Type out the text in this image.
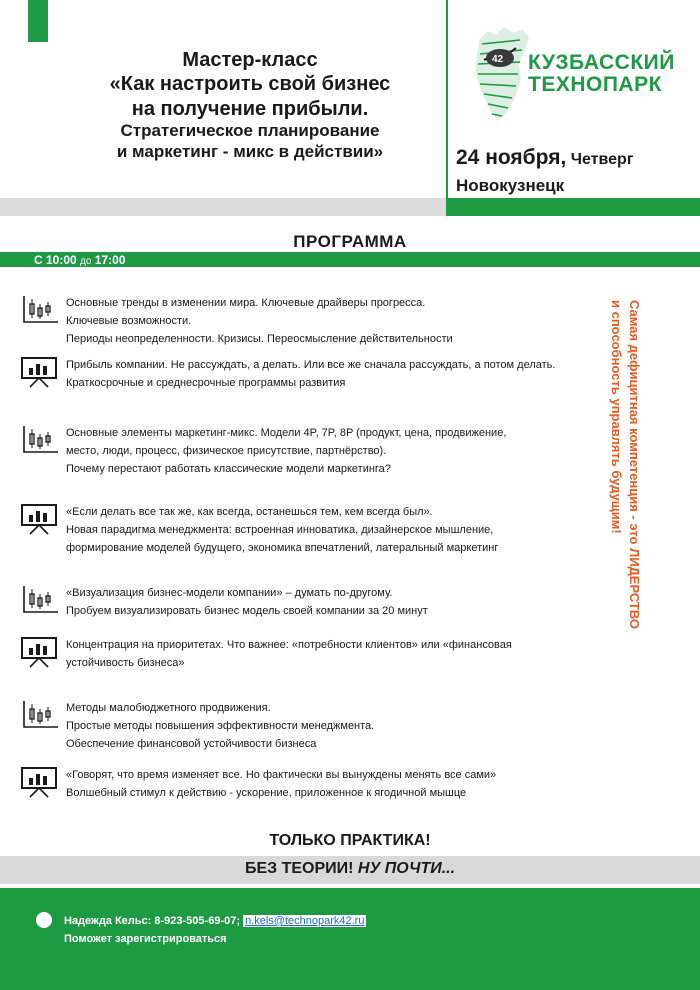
Мастер-класс
«Как настроить свой бизнес
на получение прибыли.
Стратегическое планирование
и маркетинг - микс в действии»
42 КУЗБАССКИЙ
ТЕХНОПАРК
24 ноября, Четверг
Новокузнецк
ПРОГРАММА
С 10:00 до 17:00
Основные тренды в изменении мира. Ключевые драйверы прогресса.
Ключевые возможности.
Периоды неопределенности. Кризисы. Переосмысление действительности
Прибыль компании. Не рассуждать, а делать. Или все же сначала рассуждать, а потом делать.
Краткосрочные и среднесрочные программы развития
Основные элементы маркетинг-микс. Модели 4P, 7P, 8P (продукт, цена, продвижение,
место, люди, процесс, физическое присутствие, партнёрство).
Почему перестают работать классические модели маркетинга?
«Если делать все так же, как всегда, останешься тем, кем всегда был».
Новая парадигма менеджмента: встроенная инноватика, дизайнерское мышление,
формирование моделей будущего, экономика впечатлений, латеральный маркетинг
«Визуализация бизнес-модели компании» – думать по-другому.
Пробуем визуализировать бизнес модель своей компании за 20 минут
Концентрация на приоритетах. Что важнее: «потребности клиентов» или «финансовая
устойчивость бизнеса»
Методы малобюджетного продвижения.
Простые методы повышения эффективности менеджмента.
Обеспечение финансовой устойчивости бизнеса
«Говорят, что время изменяет все. Но фактически вы вынуждены менять все сами»
Волшебный стимул к действию - ускорение, приложенное к ягодичной мышце
Самая дефицитная компетенция - это ЛИДЕРСТВО
и способность управлять будущим!
ТОЛЬКО ПРАКТИКА!
БЕЗ ТЕОРИИ! НУ ПОЧТИ...
Надежда Кельс: 8-923-505-69-07; n.kels@technopark42.ru
Поможет зарегистрироваться
